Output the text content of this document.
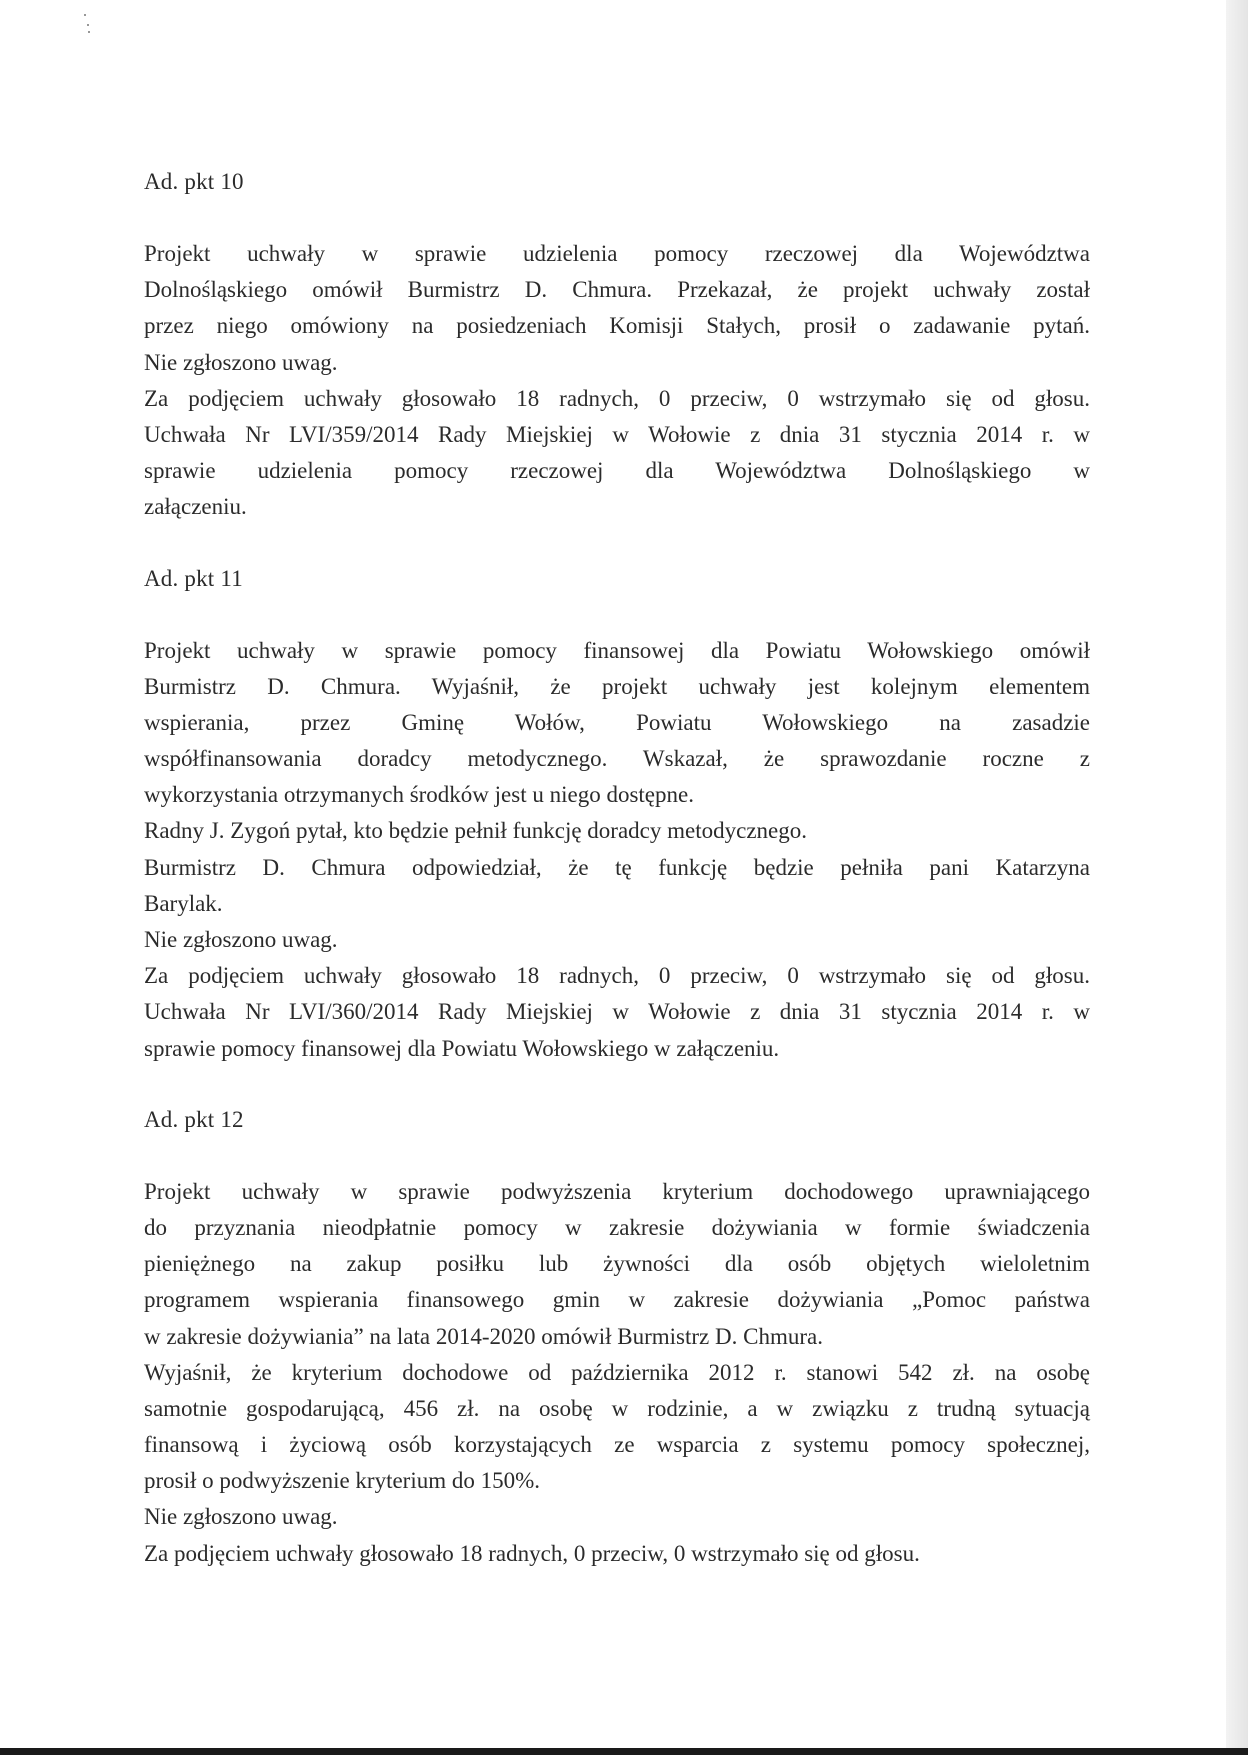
Ad. pkt 10
Projekt uchwały w sprawie udzielenia pomocy rzeczowej dla Województwa
Dolnośląskiego omówił Burmistrz D. Chmura. Przekazał, że projekt uchwały został
przez niego omówiony na posiedzeniach Komisji Stałych, prosił o zadawanie pytań.
Nie zgłoszono uwag.
Za podjęciem uchwały głosowało 18 radnych, 0 przeciw, 0 wstrzymało się od głosu.
Uchwała Nr LVI/359/2014 Rady Miejskiej w Wołowie z dnia 31 stycznia 2014 r. w
sprawie udzielenia pomocy rzeczowej dla Województwa Dolnośląskiego w
załączeniu.
Ad. pkt 11
Projekt uchwały w sprawie pomocy finansowej dla Powiatu Wołowskiego omówił
Burmistrz D. Chmura. Wyjaśnił, że projekt uchwały jest kolejnym elementem
wspierania, przez Gminę Wołów, Powiatu Wołowskiego na zasadzie
współfinansowania doradcy metodycznego. Wskazał, że sprawozdanie roczne z
wykorzystania otrzymanych środków jest u niego dostępne.
Radny J. Zygoń pytał, kto będzie pełnił funkcję doradcy metodycznego.
Burmistrz D. Chmura odpowiedział, że tę funkcję będzie pełniła pani Katarzyna
Barylak.
Nie zgłoszono uwag.
Za podjęciem uchwały głosowało 18 radnych, 0 przeciw, 0 wstrzymało się od głosu.
Uchwała Nr LVI/360/2014 Rady Miejskiej w Wołowie z dnia 31 stycznia 2014 r. w
sprawie pomocy finansowej dla Powiatu Wołowskiego w załączeniu.
Ad. pkt 12
Projekt uchwały w sprawie podwyższenia kryterium dochodowego uprawniającego
do przyznania nieodpłatnie pomocy w zakresie dożywiania w formie świadczenia
pieniężnego na zakup posiłku lub żywności dla osób objętych wieloletnim
programem wspierania finansowego gmin w zakresie dożywiania „Pomoc państwa
w zakresie dożywiania” na lata 2014-2020 omówił Burmistrz D. Chmura.
Wyjaśnił, że kryterium dochodowe od października 2012 r. stanowi 542 zł. na osobę
samotnie gospodarującą, 456 zł. na osobę w rodzinie, a w związku z trudną sytuacją
finansową i życiową osób korzystających ze wsparcia z systemu pomocy społecznej,
prosił o podwyższenie kryterium do 150%.
Nie zgłoszono uwag.
Za podjęciem uchwały głosowało 18 radnych, 0 przeciw, 0 wstrzymało się od głosu.
